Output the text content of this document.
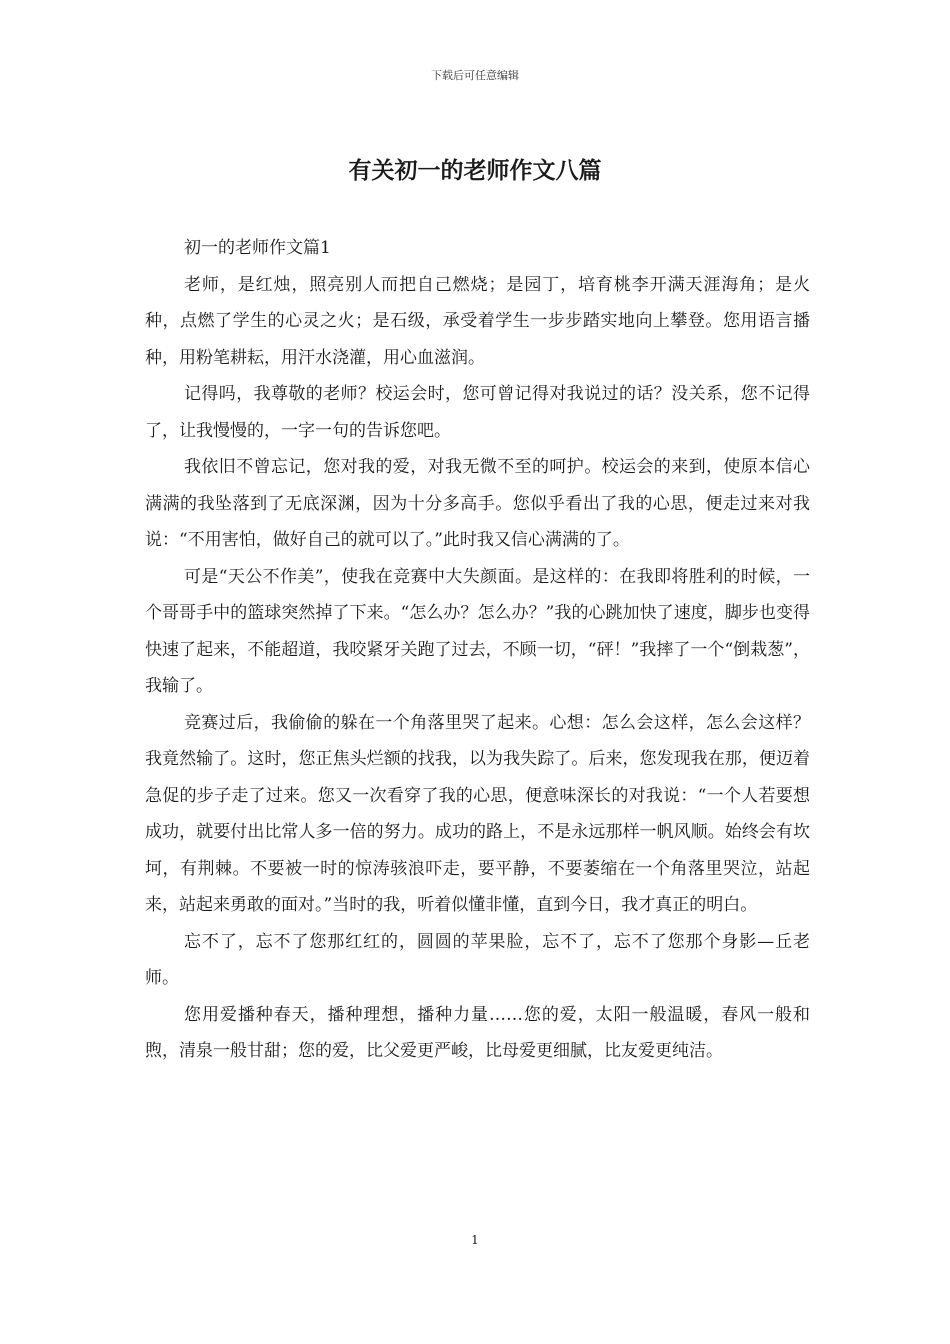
下载后可任意编辑
有关初一的老师作文八篇

初一的老师作文篇1

老师，是红烛，照亮别人而把自己燃烧；是园丁，培育桃李开满天涯海角；是火种，点燃了学生的心灵之火；是石级，承受着学生一步步踏实地向上攀登。您用语言播种，用粉笔耕耘，用汗水浇灌，用心血滋润。

记得吗，我尊敬的老师？校运会时，您可曾记得对我说过的话？没关系，您不记得了，让我慢慢的，一字一句的告诉您吧。

我依旧不曾忘记，您对我的爱，对我无微不至的呵护。校运会的来到，使原本信心满满的我坠落到了无底深渊，因为十分多高手。您似乎看出了我的心思，便走过来对我说：“不用害怕，做好自己的就可以了。”此时我又信心满满的了。

可是“天公不作美”，使我在竞赛中大失颜面。是这样的：在我即将胜利的时候，一个哥哥手中的篮球突然掉了下来。“怎么办？怎么办？”我的心跳加快了速度，脚步也变得快速了起来，不能超道，我咬紧牙关跑了过去，不顾一切，“砰！”我摔了一个“倒栽葱”，我输了。

竞赛过后，我偷偷的躲在一个角落里哭了起来。心想：怎么会这样，怎么会这样？我竟然输了。这时，您正焦头烂额的找我，以为我失踪了。后来，您发现我在那，便迈着急促的步子走了过来。您又一次看穿了我的心思，便意味深长的对我说：“一个人若要想成功，就要付出比常人多一倍的努力。成功的路上，不是永远那样一帆风顺。始终会有坎坷，有荆棘。不要被一时的惊涛骇浪吓走，要平静，不要萎缩在一个角落里哭泣，站起来，站起来勇敢的面对。”当时的我，听着似懂非懂，直到今日，我才真正的明白。

忘不了，忘不了您那红红的，圆圆的苹果脸，忘不了，忘不了您那个身影—丘老师。

您用爱播种春天，播种理想，播种力量……您的爱，太阳一般温暖，春风一般和煦，清泉一般甘甜；您的爱，比父爱更严峻，比母爱更细腻，比友爱更纯洁。

1
